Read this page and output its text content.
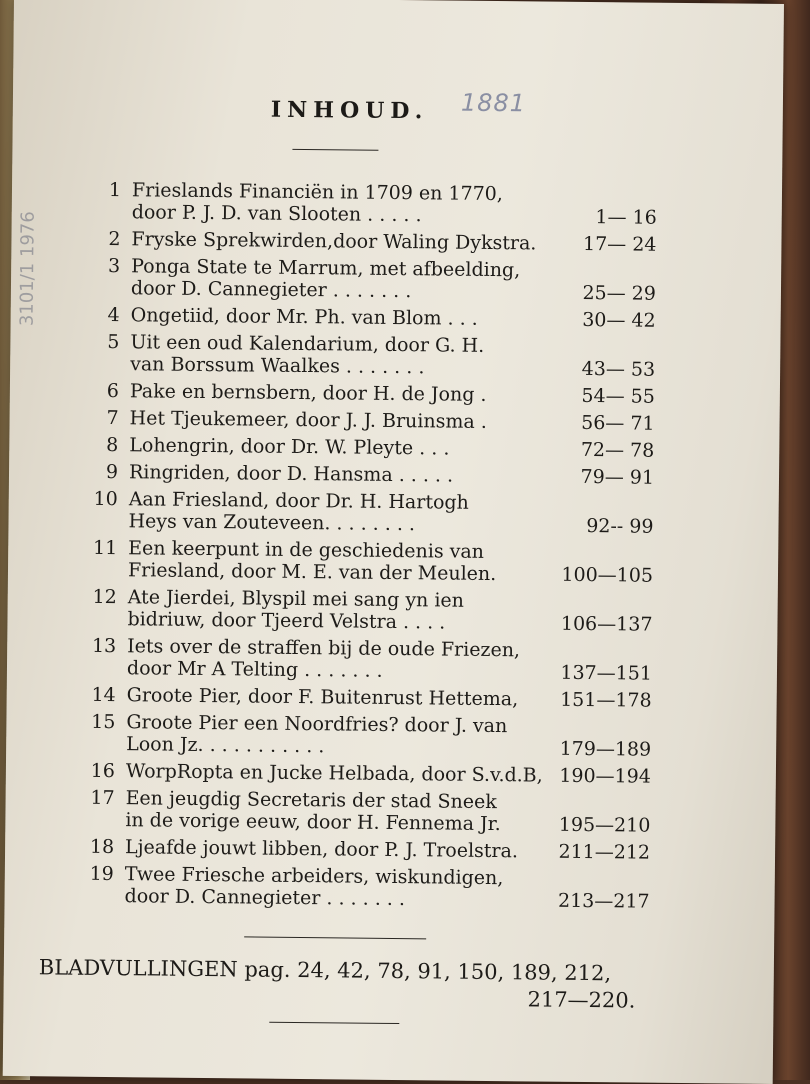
INHOUD. 1881
3101/1 1976
1 Frieslands Financiën in 1709 en 1770,
door P. J. D. van Slooten . . . . .	1— 16
2 Fryske Sprekwirden,door Waling Dykstra.	17— 24
3 Ponga State te Marrum, met afbeelding,
door D. Cannegieter . . . . . . .	25— 29
4 Ongetiid, door Mr. Ph. van Blom . . .	30— 42
5 Uit een oud Kalendarium, door G. H.
van Borssum Waalkes . . . . . . .	43— 53
6 Pake en bernsbern, door H. de Jong .	54— 55
7 Het Tjeukemeer, door J. J. Bruinsma .	56— 71
8 Lohengrin, door Dr. W. Pleyte . . .	72— 78
9 Ringriden, door D. Hansma . . . . .	79— 91
10 Aan Friesland, door Dr. H. Hartogh
Heys van Zouteveen. . . . . . . .	92-- 99
11 Een keerpunt in de geschiedenis van
Friesland, door M. E. van der Meulen.	100—105
12 Ate Jierdei, Blyspil mei sang yn ien
bidriuw, door Tjeerd Velstra . . . .	106—137
13 Iets over de straffen bij de oude Friezen,
door Mr A Telting . . . . . . .	137—151
14 Groote Pier, door F. Buitenrust Hettema,	151—178
15 Groote Pier een Noordfries? door J. van
Loon Jz. . . . . . . . . . .	179—189
16 WorpRopta en Jucke Helbada, door S.v.d.B, 190—194
17 Een jeugdig Secretaris der stad Sneek
in de vorige eeuw, door H. Fennema Jr.	195—210
18 Ljeafde jouwt libben, door P. J. Troelstra.	211—212
19 Twee Friesche arbeiders, wiskundigen,
door D. Cannegieter . . . . . . .	213—217
BLADVULLINGEN pag. 24, 42, 78, 91, 150, 189, 212,
217—220.
